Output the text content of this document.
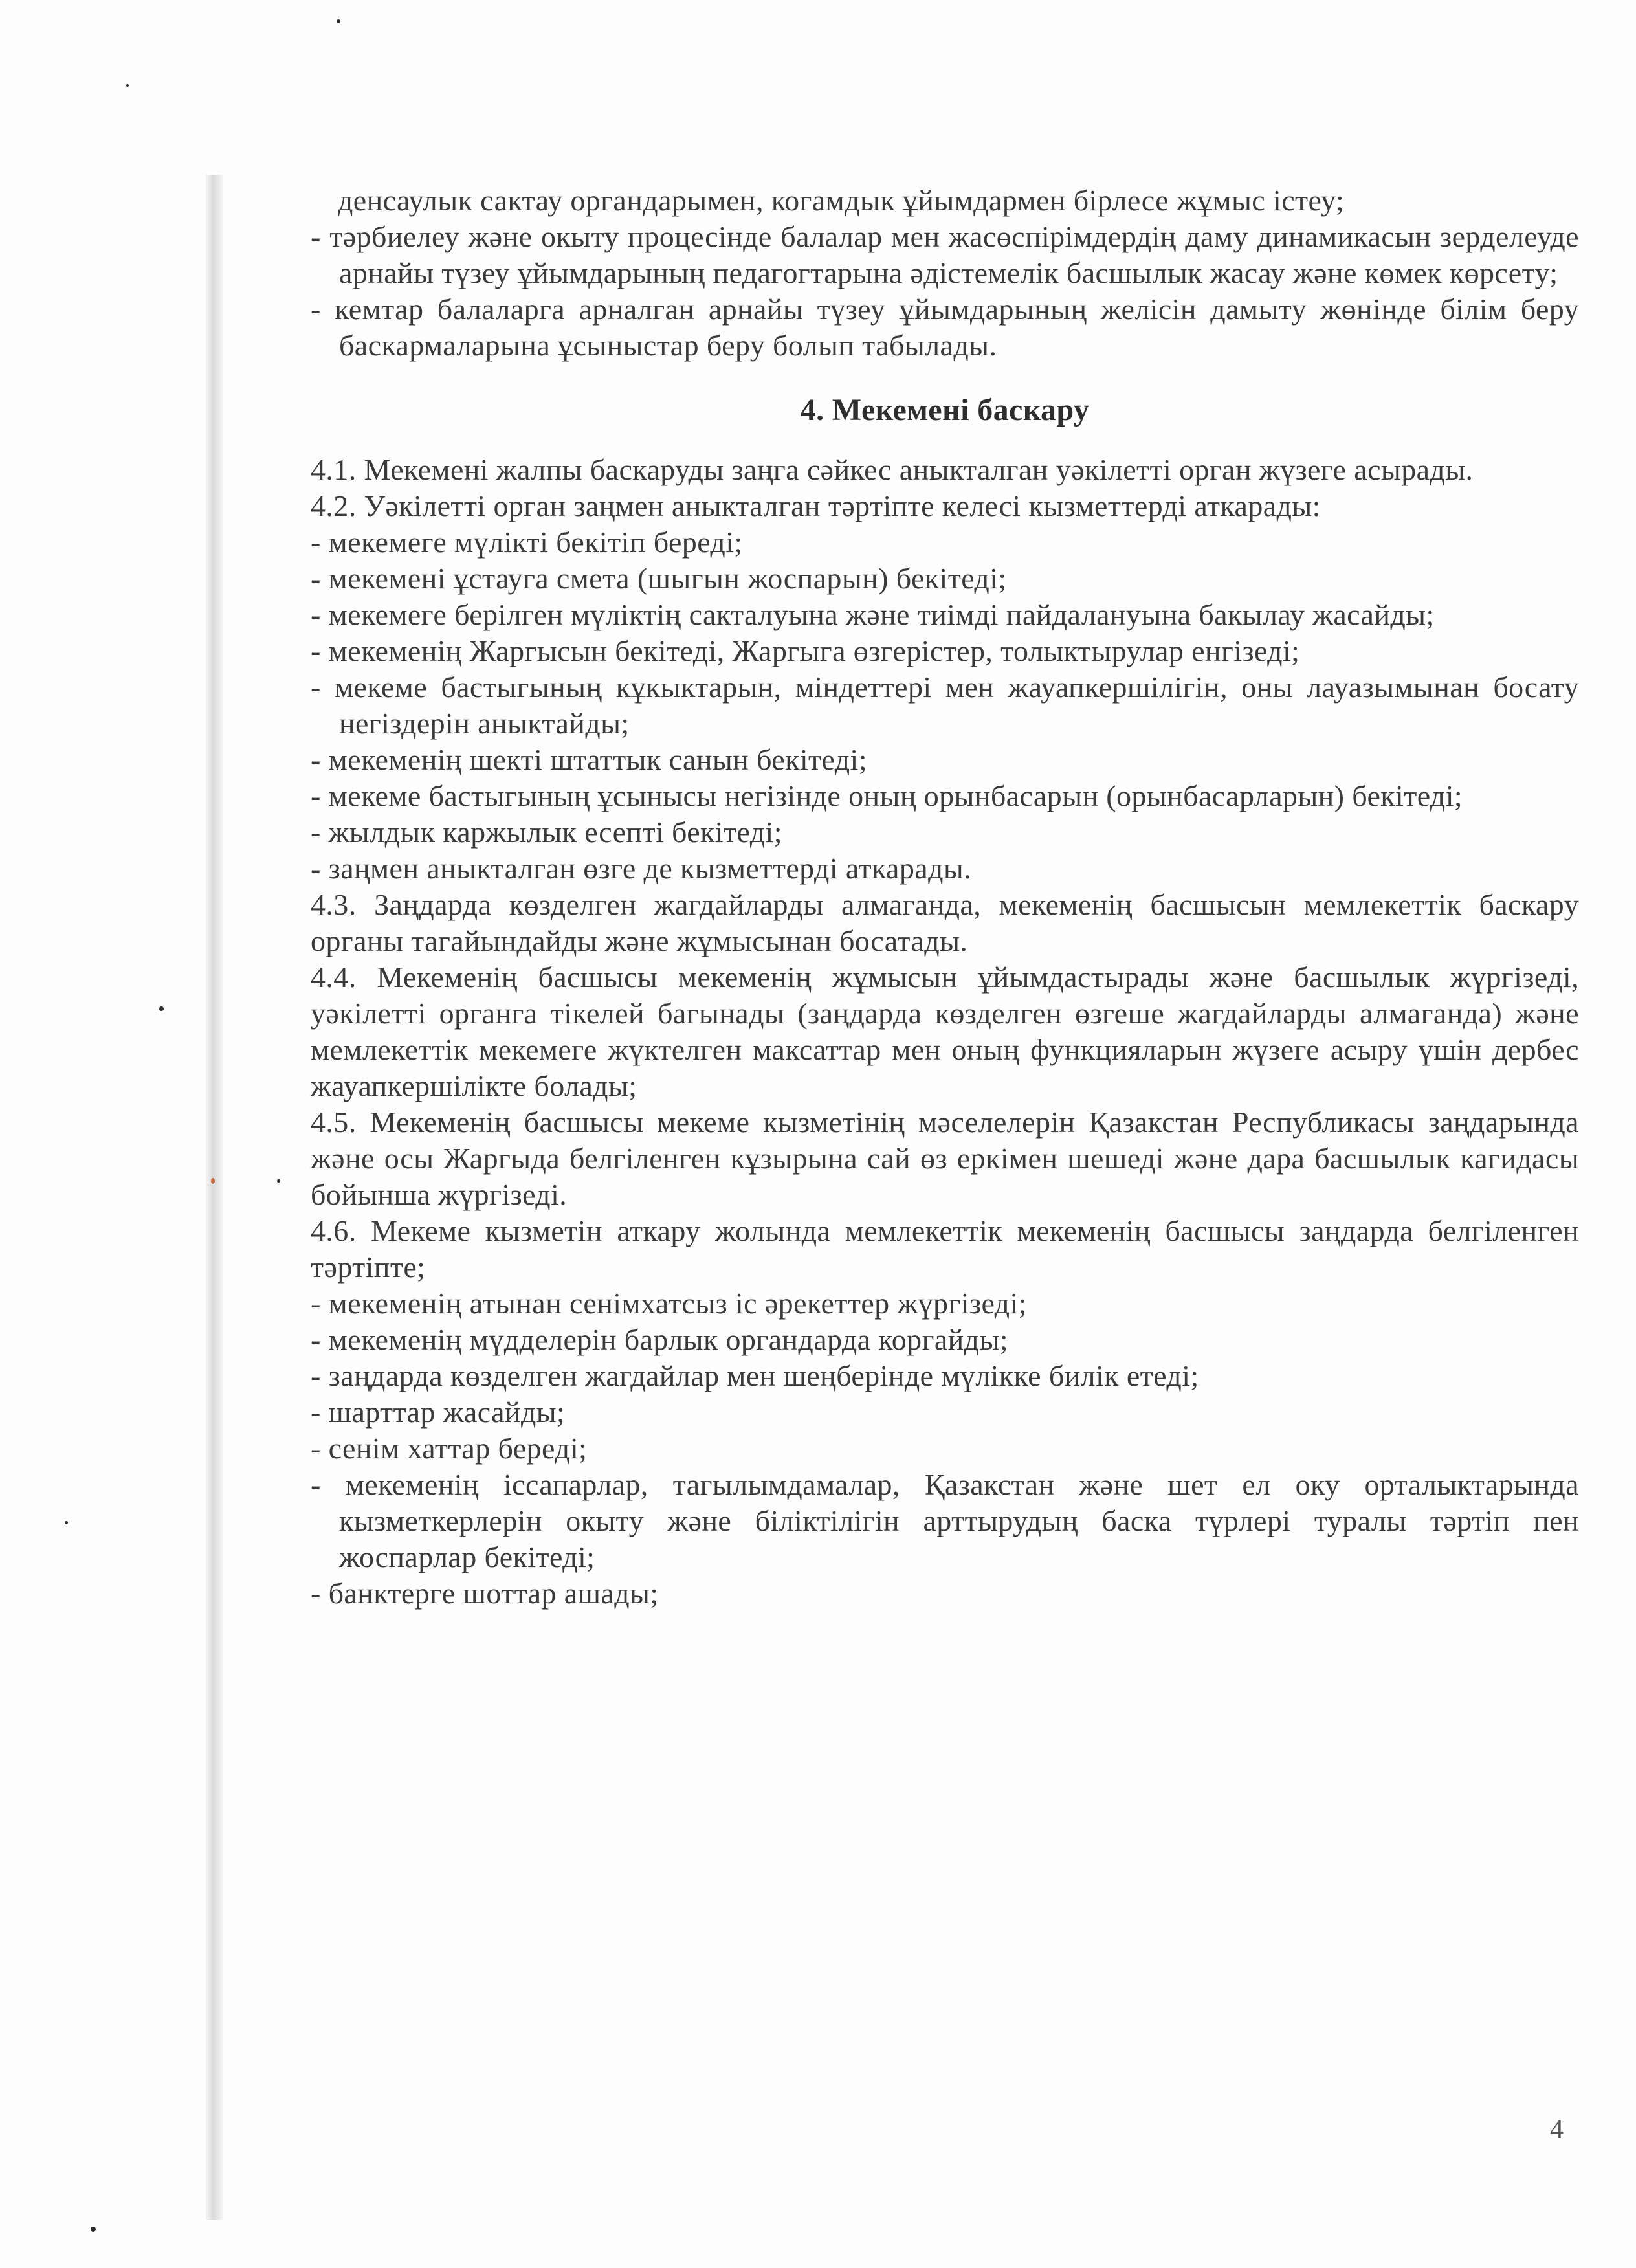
денсаулык сактау органдарымен, когамдык ұйымдармен бірлесе жұмыс істеу;

- тәрбиелеу және окыту процесінде балалар мен жасөспірімдердің даму динамикасын зерделеуде арнайы түзеу ұйымдарының педагогтарына әдістемелік басшылык жасау және көмек көрсету;

- кемтар балаларга арналган арнайы түзеу ұйымдарының желісін дамыту жөнінде білім беру баскармаларына ұсыныстар беру болып табылады.

4. Мекемені баскару

4.1. Мекемені жалпы баскаруды заңга сәйкес аныкталган уәкілетті орган жүзеге асырады.

4.2. Уәкілетті орган заңмен аныкталган тәртіпте келесі кызметтерді аткарады:

- мекемеге мүлікті бекітіп береді;

- мекемені ұстауга смета (шыгын жоспарын) бекітеді;

- мекемеге берілген мүліктің сакталуына және тиімді пайдалануына бакылау жасайды;

- мекеменің Жаргысын бекітеді, Жаргыга өзгерістер, толыктырулар енгізеді;

- мекеме бастыгының кұкыктарын, міндеттері мен жауапкершілігін, оны лауазымынан босату негіздерін аныктайды;

- мекеменің шекті штаттык санын бекітеді;

- мекеме бастыгының ұсынысы негізінде оның орынбасарын (орынбасарларын) бекітеді;

- жылдык каржылык есепті бекітеді;

- заңмен аныкталган өзге де кызметтерді аткарады.

4.3. Заңдарда көзделген жагдайларды алмаганда, мекеменің басшысын мемлекеттік баскару органы тагайындайды және жұмысынан босатады.

4.4. Мекеменің басшысы мекеменің жұмысын ұйымдастырады және басшылык жүргізеді, уәкілетті органга тікелей багынады (заңдарда көзделген өзгеше жагдайларды алмаганда) және мемлекеттік мекемеге жүктелген максаттар мен оның функцияларын жүзеге асыру үшін дербес жауапкершілікте болады;

4.5. Мекеменің басшысы мекеме кызметінің мәселелерін Қазакстан Республикасы заңдарында және осы Жаргыда белгіленген кұзырына сай өз еркімен шешеді және дара басшылык кагидасы бойынша жүргізеді.

4.6. Мекеме кызметін аткару жолында мемлекеттік мекеменің басшысы заңдарда белгіленген тәртіпте;

- мекеменің атынан сенімхатсыз іс әрекеттер жүргізеді;

- мекеменің мүдделерін барлык органдарда коргайды;

- заңдарда көзделген жагдайлар мен шеңберінде мүлікке билік етеді;

- шарттар жасайды;

- сенім хаттар береді;

- мекеменің іссапарлар, тагылымдамалар, Қазакстан және шет ел оку орталыктарында кызметкерлерін окыту және біліктілігін арттырудың баска түрлері туралы тәртіп пен жоспарлар бекітеді;

- банктерге шоттар ашады;

4
